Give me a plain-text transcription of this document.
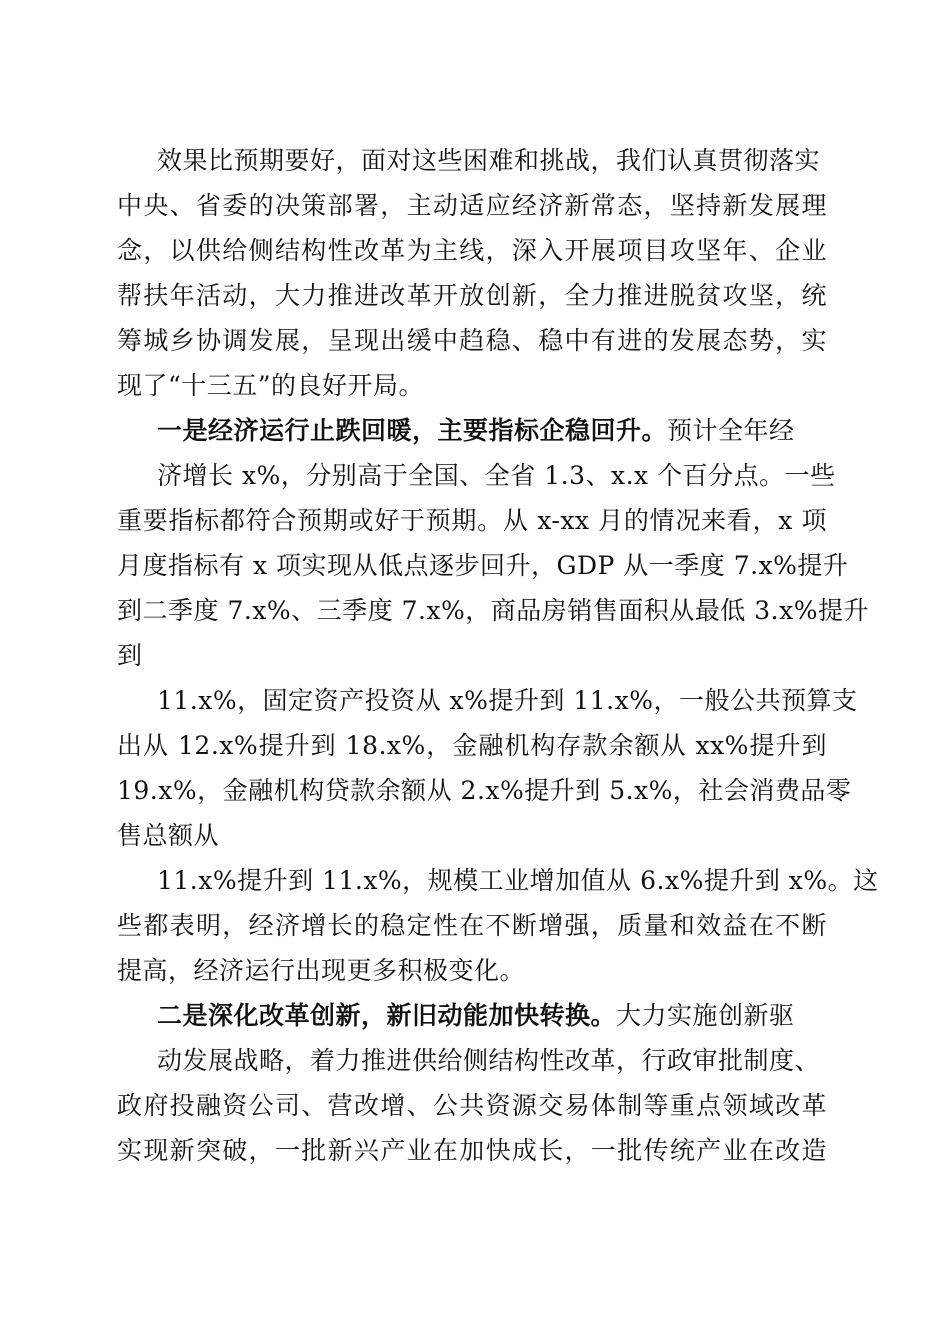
效果比预期要好，面对这些困难和挑战，我们认真贯彻落实
中央、省委的决策部署，主动适应经济新常态，坚持新发展理
念，以供给侧结构性改革为主线，深入开展项目攻坚年、企业
帮扶年活动，大力推进改革开放创新，全力推进脱贫攻坚，统
筹城乡协调发展，呈现出缓中趋稳、稳中有进的发展态势，实
现了“十三五”的良好开局。
一是经济运行止跌回暖，主要指标企稳回升。预计全年经
济增长 x%，分别高于全国、全省 1.3、x.x 个百分点。一些
重要指标都符合预期或好于预期。从 x-xx 月的情况来看，x 项
月度指标有 x 项实现从低点逐步回升，GDP 从一季度 7.x%提升
到二季度 7.x%、三季度 7.x%，商品房销售面积从最低 3.x%提升
到
11.x%，固定资产投资从 x%提升到 11.x%，一般公共预算支
出从 12.x%提升到 18.x%，金融机构存款余额从 xx%提升到
19.x%，金融机构贷款余额从 2.x%提升到 5.x%，社会消费品零
售总额从
11.x%提升到 11.x%，规模工业增加值从 6.x%提升到 x%。这
些都表明，经济增长的稳定性在不断增强，质量和效益在不断
提高，经济运行出现更多积极变化。
二是深化改革创新，新旧动能加快转换。大力实施创新驱
动发展战略，着力推进供给侧结构性改革，行政审批制度、
政府投融资公司、营改增、公共资源交易体制等重点领域改革
实现新突破，一批新兴产业在加快成长，一批传统产业在改造
